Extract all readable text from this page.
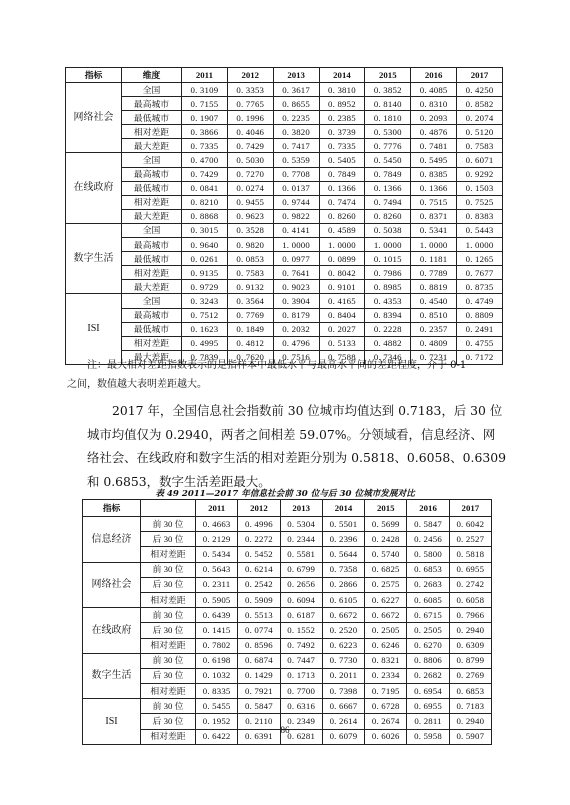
指标	维度	2011	2012	2013	2014	2015	2016	2017
网络社会	全国	0. 3109	0. 3353	0. 3617	0. 3810	0. 3852	0. 4085	0. 4250
	最高城市	0. 7155	0. 7765	0. 8655	0. 8952	0. 8140	0. 8310	0. 8582
	最低城市	0. 1907	0. 1996	0. 2235	0. 2385	0. 1810	0. 2093	0. 2074
	相对差距	0. 3866	0. 4046	0. 3820	0. 3739	0. 5300	0. 4876	0. 5120
	最大差距	0. 7335	0. 7429	0. 7417	0. 7335	0. 7776	0. 7481	0. 7583
在线政府	全国	0. 4700	0. 5030	0. 5359	0. 5405	0. 5450	0. 5495	0. 6071
	最高城市	0. 7429	0. 7270	0. 7708	0. 7849	0. 7849	0. 8385	0. 9292
	最低城市	0. 0841	0. 0274	0. 0137	0. 1366	0. 1366	0. 1366	0. 1503
	相对差距	0. 8210	0. 9455	0. 9744	0. 7474	0. 7494	0. 7515	0. 7525
	最大差距	0. 8868	0. 9623	0. 9822	0. 8260	0. 8260	0. 8371	0. 8383
数字生活	全国	0. 3015	0. 3528	0. 4141	0. 4589	0. 5038	0. 5341	0. 5443
	最高城市	0. 9640	0. 9820	1. 0000	1. 0000	1. 0000	1. 0000	1. 0000
	最低城市	0. 0261	0. 0853	0. 0977	0. 0899	0. 1015	0. 1181	0. 1265
	相对差距	0. 9135	0. 7583	0. 7641	0. 8042	0. 7986	0. 7789	0. 7677
	最大差距	0. 9729	0. 9132	0. 9023	0. 9101	0. 8985	0. 8819	0. 8735
ISI	全国	0. 3243	0. 3564	0. 3904	0. 4165	0. 4353	0. 4540	0. 4749
	最高城市	0. 7512	0. 7769	0. 8179	0. 8404	0. 8394	0. 8510	0. 8809
	最低城市	0. 1623	0. 1849	0. 2032	0. 2027	0. 2228	0. 2357	0. 2491
	相对差距	0. 4995	0. 4812	0. 4796	0. 5133	0. 4882	0. 4809	0. 4755
	最大差距	0. 7839	0. 7620	0. 7516	0. 7588	0. 7346	0. 7231	0. 7172
注：最大相对差距指数表示的是指样本中最低水平与最高水平间的差距程度，介于 0-1
之间，数值越大表明差距越大。
2017 年，全国信息社会指数前 30 位城市均值达到 0.7183，后 30 位城市均值仅为 0.2940，两者之间相差 59.07%。分领域看，信息经济、网络社会、在线政府和数字生活的相对差距分别为 0.5818、0.6058、0.6309 和 0.6853，数字生活差距最大。
表 49 2011—2017 年信息社会前 30 位与后 30 位城市发展对比
指标		2011	2012	2013	2014	2015	2016	2017
信息经济	前 30 位	0. 4663	0. 4996	0. 5304	0. 5501	0. 5699	0. 5847	0. 6042
	后 30 位	0. 2129	0. 2272	0. 2344	0. 2396	0. 2428	0. 2456	0. 2527
	相对差距	0. 5434	0. 5452	0. 5581	0. 5644	0. 5740	0. 5800	0. 5818
网络社会	前 30 位	0. 5643	0. 6214	0. 6799	0. 7358	0. 6825	0. 6853	0. 6955
	后 30 位	0. 2311	0. 2542	0. 2656	0. 2866	0. 2575	0. 2683	0. 2742
	相对差距	0. 5905	0. 5909	0. 6094	0. 6105	0. 6227	0. 6085	0. 6058
在线政府	前 30 位	0. 6439	0. 5513	0. 6187	0. 6672	0. 6672	0. 6715	0. 7966
	后 30 位	0. 1415	0. 0774	0. 1552	0. 2520	0. 2505	0. 2505	0. 2940
	相对差距	0. 7802	0. 8596	0. 7492	0. 6223	0. 6246	0. 6270	0. 6309
数字生活	前 30 位	0. 6198	0. 6874	0. 7447	0. 7730	0. 8321	0. 8806	0. 8799
	后 30 位	0. 1032	0. 1429	0. 1713	0. 2011	0. 2334	0. 2682	0. 2769
	相对差距	0. 8335	0. 7921	0. 7700	0. 7398	0. 7195	0. 6954	0. 6853
ISI	前 30 位	0. 5455	0. 5847	0. 6316	0. 6667	0. 6728	0. 6955	0. 7183
	后 30 位	0. 1952	0. 2110	0. 2349	0. 2614	0. 2674	0. 2811	0. 2940
	相对差距	0. 6422	0. 6391	0. 6281	0. 6079	0. 6026	0. 5958	0. 5907
86
